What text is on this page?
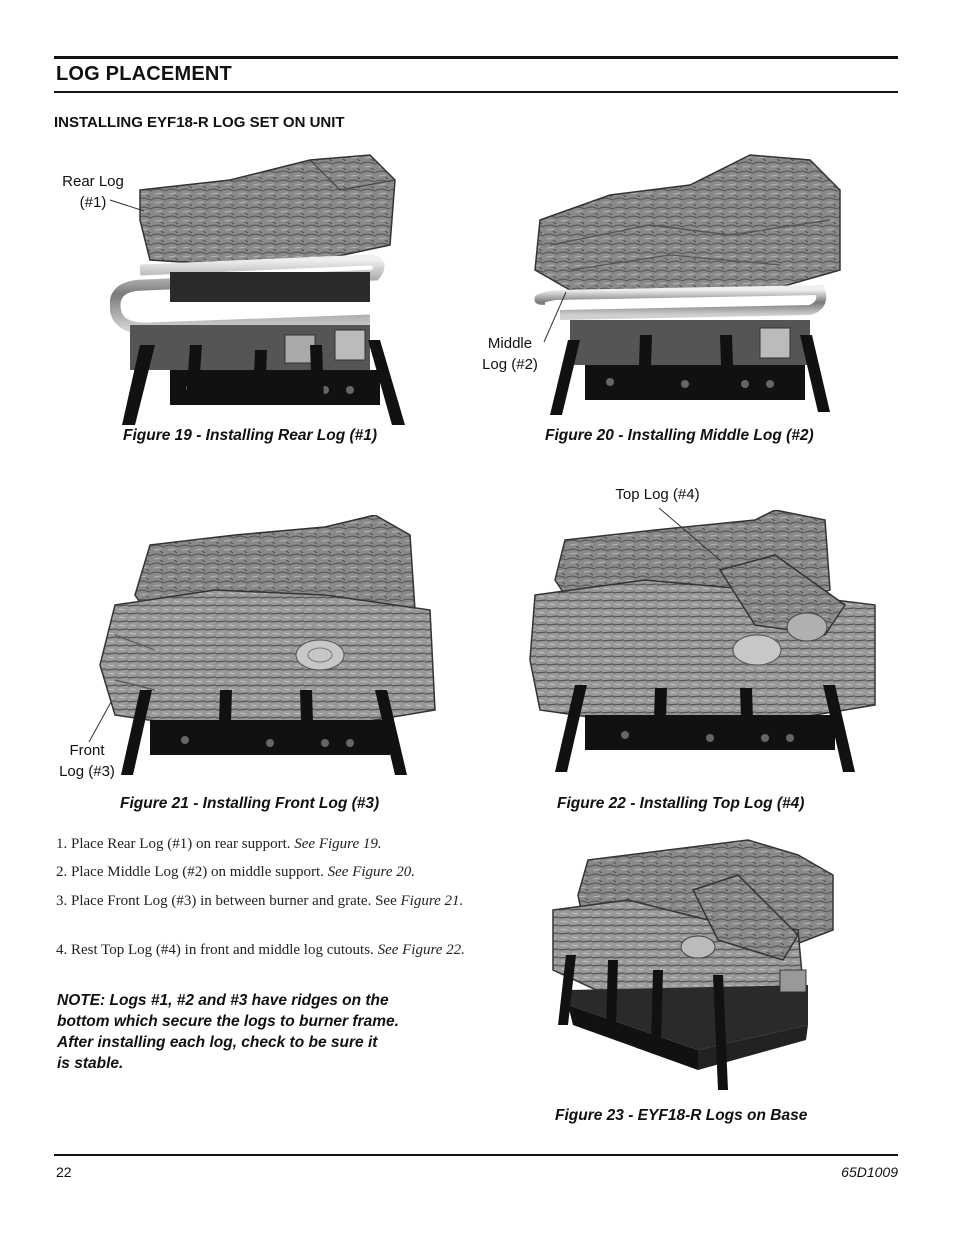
LOG PLACEMENT
INSTALLING EYF18-R LOG SET ON UNIT
Rear Log
(#1)
Figure 19 - Installing Rear Log (#1)
Middle
Log (#2)
Figure 20 - Installing Middle Log (#2)
Front
Log (#3)
Figure 21 - Installing Front Log (#3)
Top Log (#4)
Figure 22 - Installing Top Log (#4)
1. Place Rear Log (#1) on rear support. See Figure 19.
2. Place Middle Log (#2) on middle support. See Figure 20.
3. Place Front Log (#3) in between burner and grate. See Figure 21.
4. Rest Top Log (#4) in front and middle log cutouts. See Figure 22.
NOTE: Logs #1, #2 and #3 have ridges on the
bottom which secure the logs to burner frame.
After installing each log, check to be sure it
is stable.
Figure 23 - EYF18-R Logs on Base
22	65D1009
